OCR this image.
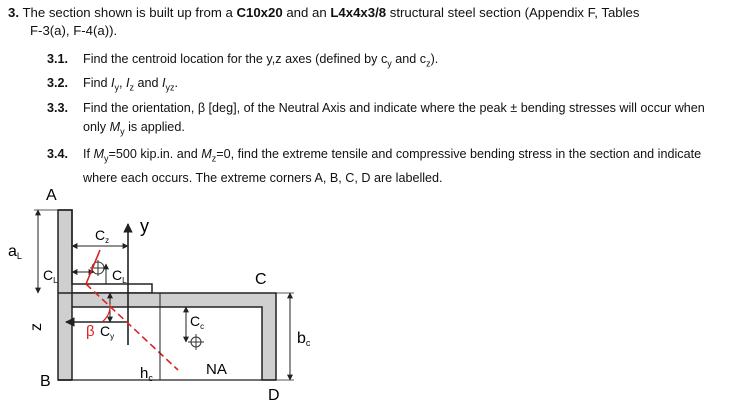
3. The section shown is built up from a C10x20 and an L4x4x3/8 structural steel section (Appendix F, Tables
F-3(a), F-4(a)).
3.1. Find the centroid location for the y,z axes (defined by $c_y$ and $c_z$).
3.2. Find $I_y$, $I_z$ and $I_{yz}$.
3.3. Find the orientation, β [deg], of the Neutral Axis and indicate where the peak ± bending stresses will occur when
only $M_y$ is applied.
3.4. If $M_y=500$ kip.in. and $M_z=0$, find the extreme tensile and compressive bending stress in the section and indicate
where each occurs. The extreme corners A, B, C, D are labelled.
A
B
C
D
aL
$C_L$	$C_L$
$C_z$
y
z	β $C_y$
$C_c$
$h_c$	NA
bc
